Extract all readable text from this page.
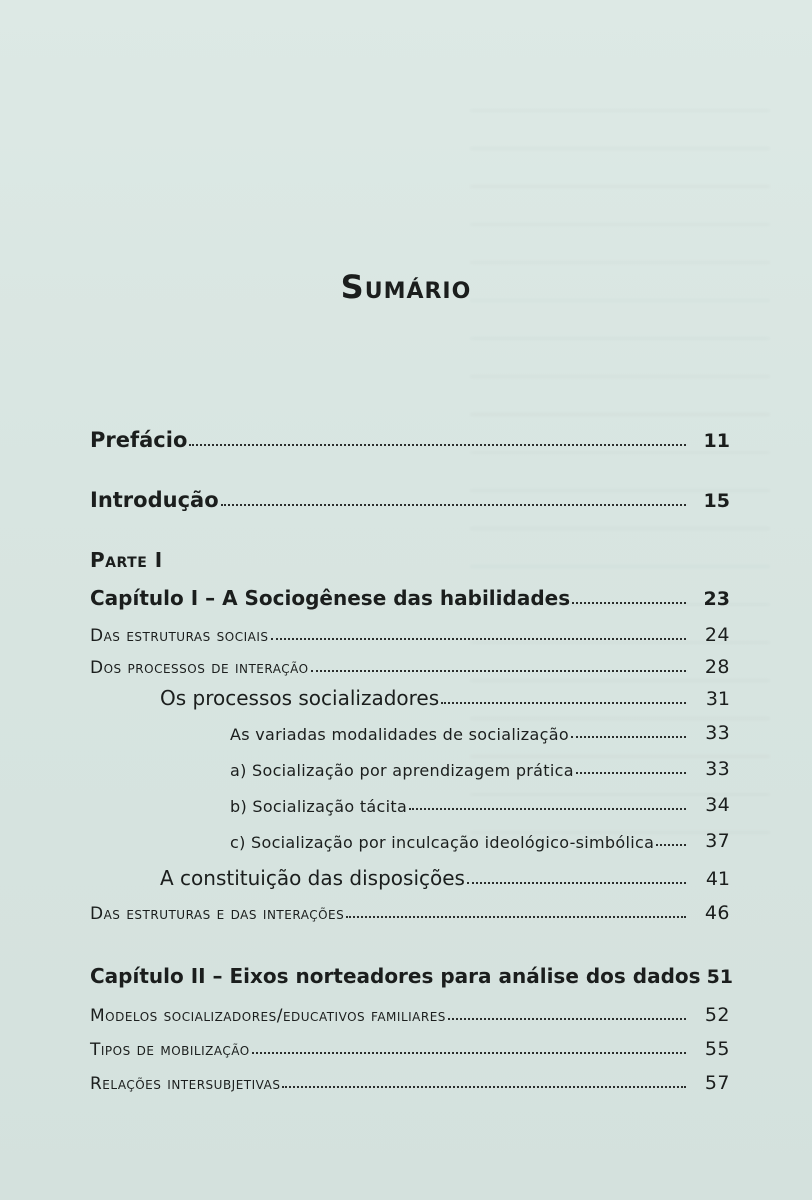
Sumário
Prefácio	11
Introdução	15
Parte I
Capítulo I – A Sociogênese das habilidades	23
Das estruturas sociais	24
Dos processos de interação	28
Os processos socializadores	31
As variadas modalidades de socialização	33
a) Socialização por aprendizagem prática	33
b) Socialização tácita	34
c) Socialização por inculcação ideológico-simbólica	37
A constituição das disposições	41
Das estruturas e das interações	46
Capítulo II – Eixos norteadores para análise dos dados 51
Modelos socializadores/educativos familiares	52
Tipos de mobilização	55
Relações intersubjetivas	57
